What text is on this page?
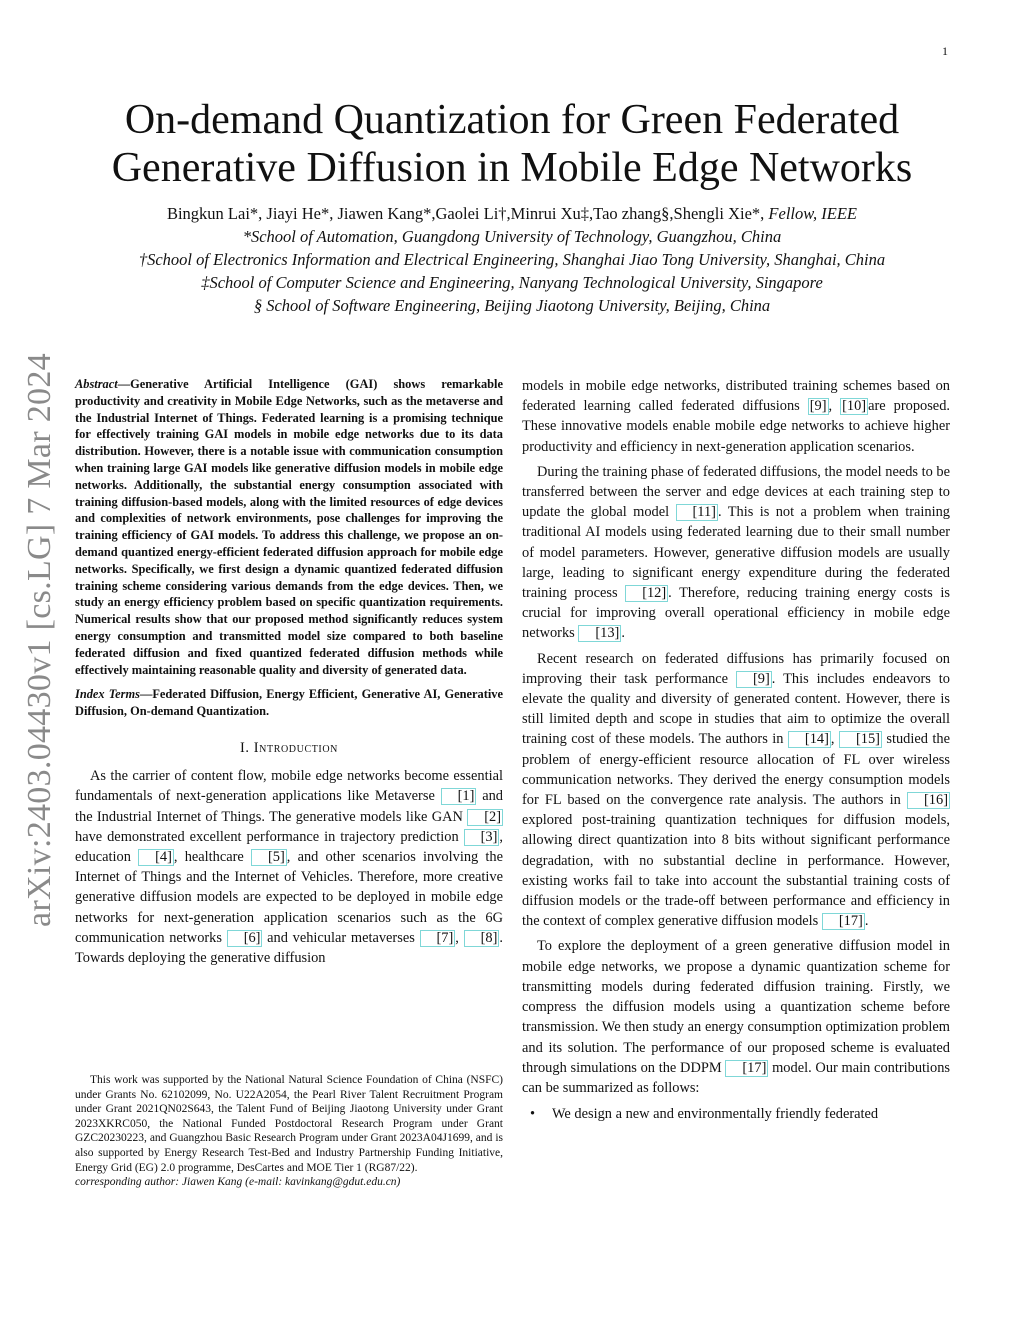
1
arXiv:2403.04430v1 [cs.LG] 7 Mar 2024
On-demand Quantization for Green Federated
Generative Diffusion in Mobile Edge Networks
Bingkun Lai*, Jiayi He*, Jiawen Kang*,Gaolei Li†,Minrui Xu‡,Tao zhang§,Shengli Xie*, Fellow, IEEE
*School of Automation, Guangdong University of Technology, Guangzhou, China
†School of Electronics Information and Electrical Engineering, Shanghai Jiao Tong University, Shanghai, China
‡School of Computer Science and Engineering, Nanyang Technological University, Singapore
§ School of Software Engineering, Beijing Jiaotong University, Beijing, China

Abstract—Generative Artificial Intelligence (GAI) shows remarkable productivity and creativity in Mobile Edge Networks, such as the metaverse and the Industrial Internet of Things. Federated learning is a promising technique for effectively training GAI models in mobile edge networks due to its data distribution. However, there is a notable issue with communication consumption when training large GAI models like generative diffusion models in mobile edge networks. Additionally, the substantial energy consumption associated with training diffusion-based models, along with the limited resources of edge devices and complexities of network environments, pose challenges for improving the training efficiency of GAI models. To address this challenge, we propose an on-demand quantized energy-efficient federated diffusion approach for mobile edge networks. Specifically, we first design a dynamic quantized federated diffusion training scheme considering various demands from the edge devices. Then, we study an energy efficiency problem based on specific quantization requirements. Numerical results show that our proposed method significantly reduces system energy consumption and transmitted model size compared to both baseline federated diffusion and fixed quantized federated diffusion methods while effectively maintaining reasonable quality and diversity of generated data.

Index Terms—Federated Diffusion, Energy Efficient, Generative AI, Generative Diffusion, On-demand Quantization.

I. Introduction

As the carrier of content flow, mobile edge networks become essential fundamentals of next-generation applications like Metaverse [1] and the Industrial Internet of Things. The generative models like GAN [2] have demonstrated excellent performance in trajectory prediction [3] , education [4] , healthcare [5] , and other scenarios involving the Internet of Things and the Internet of Vehicles. Therefore, more creative generative diffusion models are expected to be deployed in mobile edge networks for next-generation application scenarios such as the 6G communication networks [6] and vehicular metaverses [7] , [8] . Towards deploying the generative diffusion

This work was supported by the National Natural Science Foundation of China (NSFC) under Grants No. 62102099, No. U22A2054, the Pearl River Talent Recruitment Program under Grant 2021QN02S643, the Talent Fund of Beijing Jiaotong University under Grant 2023XKRC050, the National Funded Postdoctoral Research Program under Grant GZC20230223, and Guangzhou Basic Research Program under Grant 2023A04J1699, and is also supported by Energy Research Test-Bed and Industry Partnership Funding Initiative, Energy Grid (EG) 2.0 programme, DesCartes and MOE Tier 1 (RG87/22).

corresponding author: Jiawen Kang (e-mail: kavinkang@gdut.edu.cn)

models in mobile edge networks, distributed training schemes based on federated learning called federated diffusions [9] , [10] are proposed. These innovative models enable mobile edge networks to achieve higher productivity and efficiency in next-generation application scenarios.

During the training phase of federated diffusions, the model needs to be transferred between the server and edge devices at each training step to update the global model [11] . This is not a problem when training traditional AI models using federated learning due to their small number of model parameters. However, generative diffusion models are usually large, leading to significant energy expenditure during the federated training process [12] . Therefore, reducing training energy costs is crucial for improving overall operational efficiency in mobile edge networks [13] .

Recent research on federated diffusions has primarily focused on improving their task performance [9] . This includes endeavors to elevate the quality and diversity of generated content. However, there is still limited depth and scope in studies that aim to optimize the overall training cost of these models. The authors in [14] , [15] studied the problem of energy-efficient resource allocation of FL over wireless communication networks. They derived the energy consumption models for FL based on the convergence rate analysis. The authors in [16] explored post-training quantization techniques for diffusion models, allowing direct quantization into 8 bits without significant performance degradation, with no substantial decline in performance. However, existing works fail to take into account the substantial training costs of diffusion models or the trade-off between performance and efficiency in the context of complex generative diffusion models [17] .

To explore the deployment of a green generative diffusion model in mobile edge networks, we propose a dynamic quantization scheme for transmitting models during federated diffusion training. Firstly, we compress the diffusion models using a quantization scheme before transmission. We then study an energy consumption optimization problem and its solution. The performance of our proposed scheme is evaluated through simulations on the DDPM [17] model. Our main contributions can be summarized as follows:

•	We design a new and environmentally friendly federated
